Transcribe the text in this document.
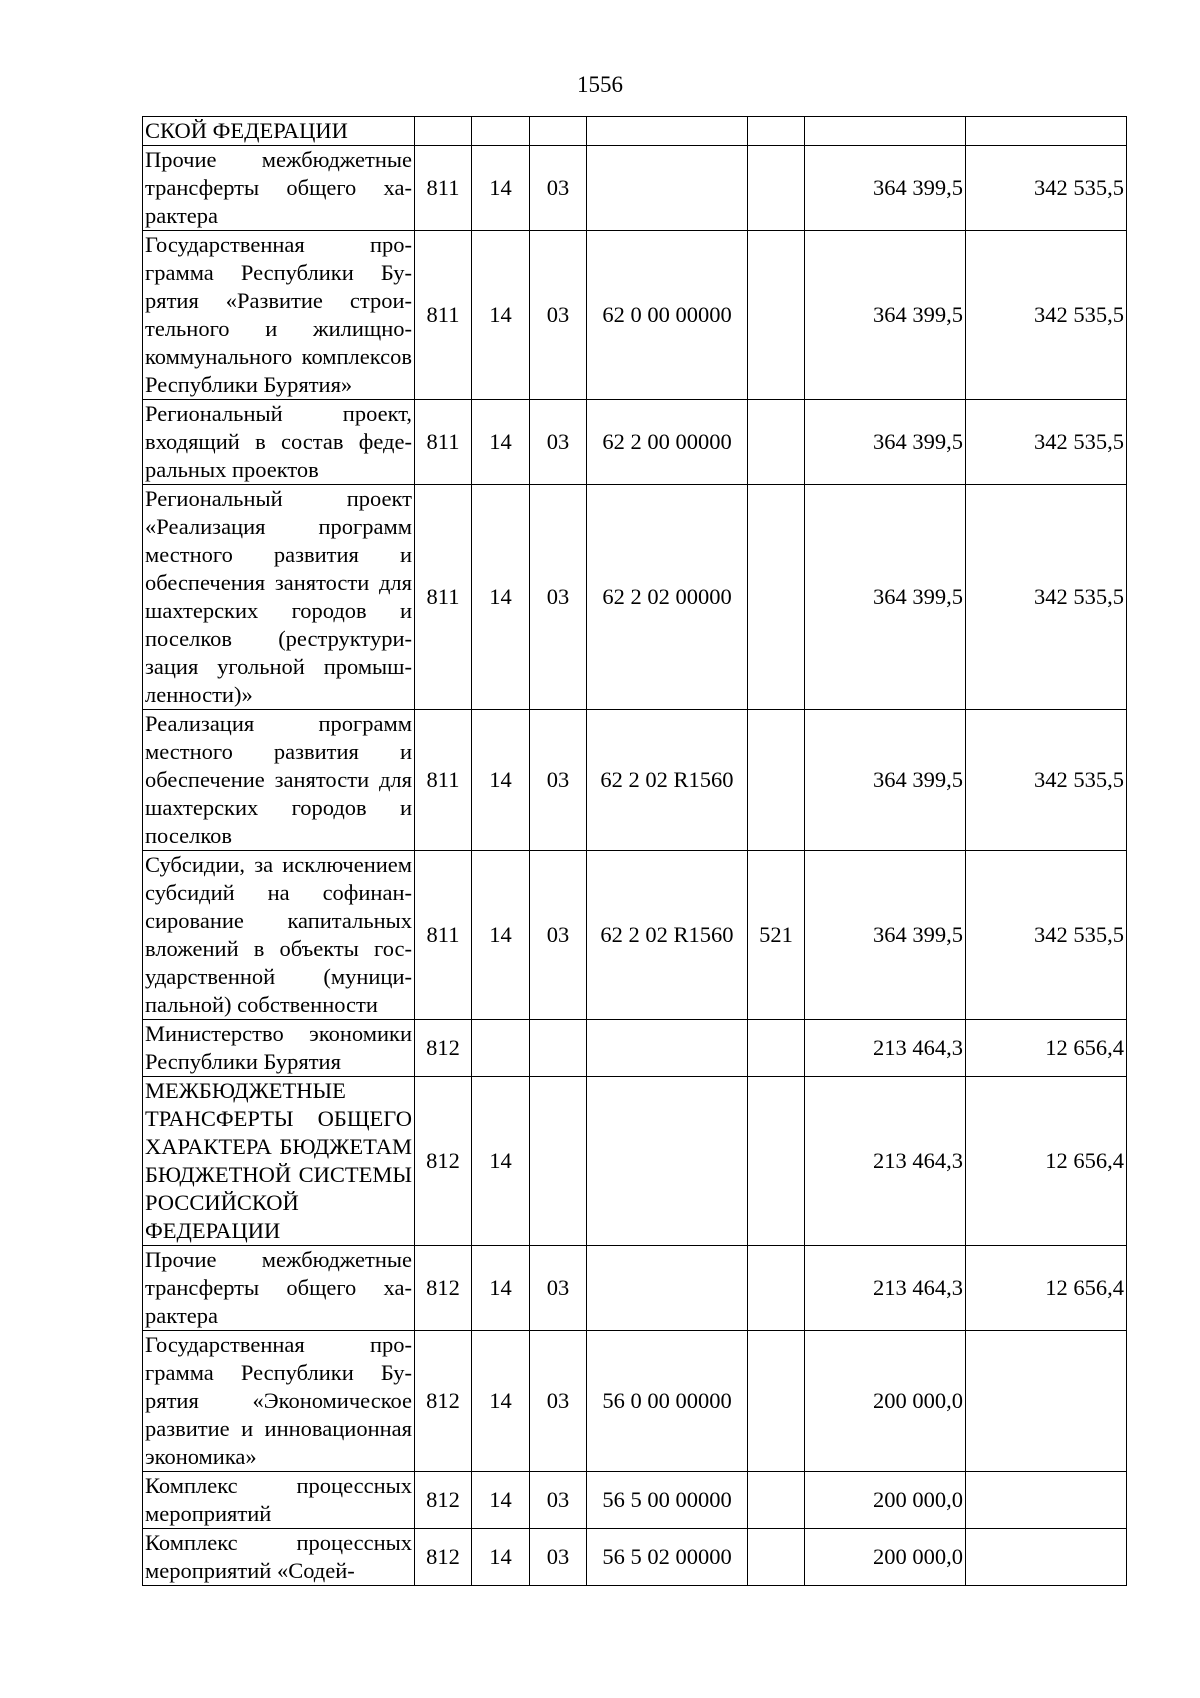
1556
СКОЙ ФЕДЕРАЦИИ							
Прочие межбюджетные трансферты общего характера	811	14	03			364 399,5	342 535,5
Государственная программа Республики Бурятия «Развитие строительного и жилищно-коммунального комплексов Республики Бурятия»	811	14	03	62 0 00 00000		364 399,5	342 535,5
Региональный проект, входящий в состав федеральных проектов	811	14	03	62 2 00 00000		364 399,5	342 535,5
Региональный проект «Реализация программ местного развития и обеспечения занятости для шахтерских городов и поселков (реструктуризация угольной промышленности)»	811	14	03	62 2 02 00000		364 399,5	342 535,5
Реализация программ местного развития и обеспечение занятости для шахтерских городов и поселков	811	14	03	62 2 02 R1560		364 399,5	342 535,5
Субсидии, за исключением субсидий на софинансирование капитальных вложений в объекты государственной (муниципальной) собственности	811	14	03	62 2 02 R1560	521	364 399,5	342 535,5
Министерство экономики Республики Бурятия	812					213 464,3	12 656,4
МЕЖБЮДЖЕТНЫЕ ТРАНСФЕРТЫ ОБЩЕГО ХАРАКТЕРА БЮДЖЕТАМ БЮДЖЕТНОЙ СИСТЕМЫ РОССИЙСКОЙ ФЕДЕРАЦИИ	812	14				213 464,3	12 656,4
Прочие межбюджетные трансферты общего характера	812	14	03			213 464,3	12 656,4
Государственная программа Республики Бурятия «Экономическое развитие и инновационная экономика»	812	14	03	56 0 00 00000		200 000,0	
Комплекс процессных мероприятий	812	14	03	56 5 00 00000		200 000,0	
Комплекс процессных мероприятий «Содей-	812	14	03	56 5 02 00000		200 000,0	
